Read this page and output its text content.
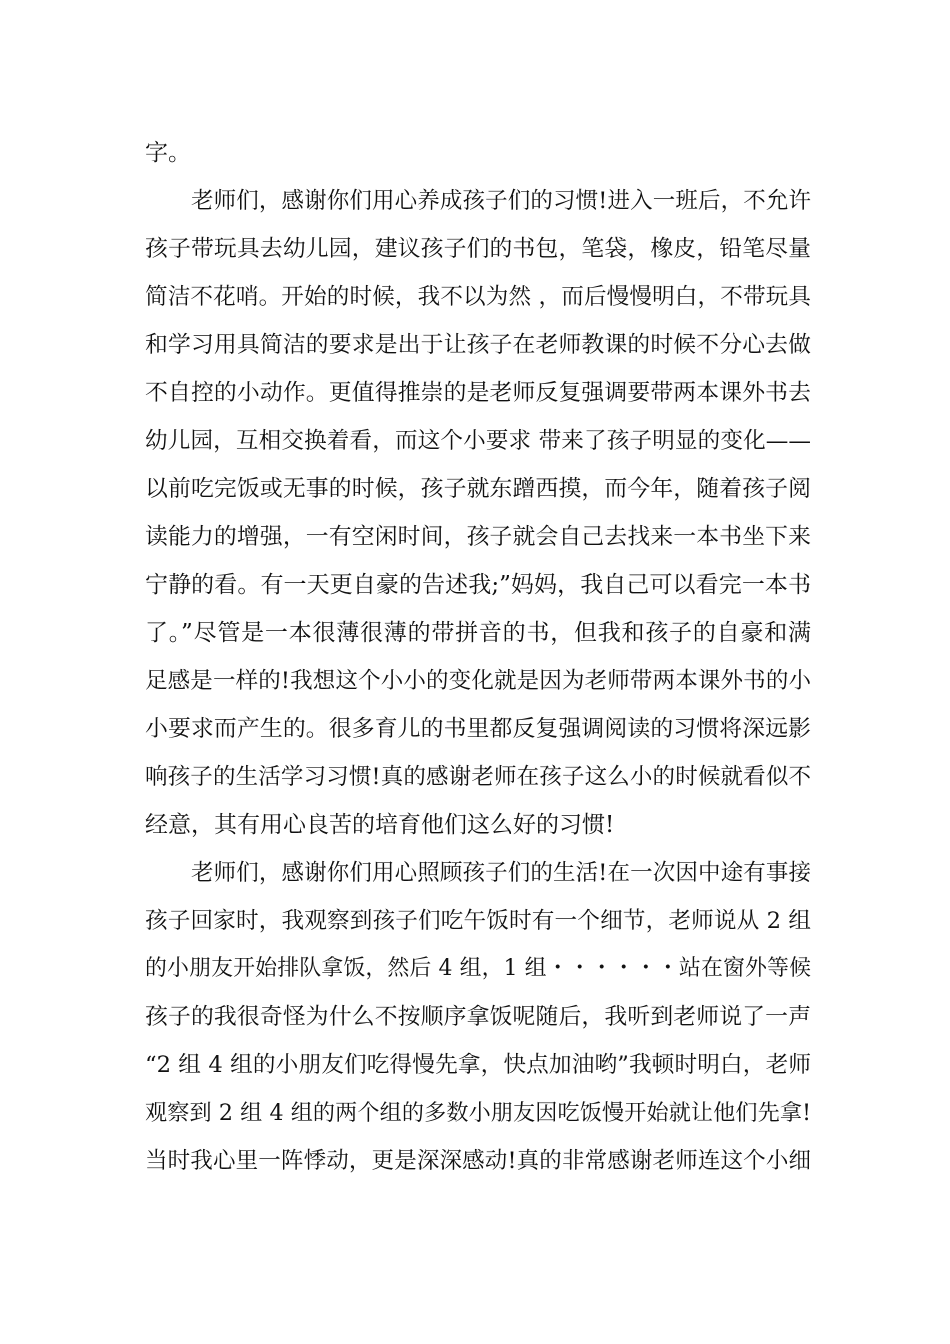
字。
老师们，感谢你们用心养成孩子们的习惯!进入一班后，不允许
孩子带玩具去幼儿园，建议孩子们的书包，笔袋，橡皮，铅笔尽量
简洁不花哨。开始的时候，我不以为然 ，而后慢慢明白，不带玩具
和学习用具简洁的要求是出于让孩子在老师教课的时候不分心去做
不自控的小动作。更值得推崇的是老师反复强调要带两本课外书去
幼儿园，互相交换着看，而这个小要求 带来了孩子明显的变化——
以前吃完饭或无事的时候，孩子就东蹭西摸，而今年，随着孩子阅
读能力的增强，一有空闲时间，孩子就会自己去找来一本书坐下来
宁静的看。有一天更自豪的告述我;”妈妈，我自己可以看完一本书
了。”尽管是一本很薄很薄的带拼音的书，但我和孩子的自豪和满
足感是一样的!我想这个小小的变化就是因为老师带两本课外书的小
小要求而产生的。很多育儿的书里都反复强调阅读的习惯将深远影
响孩子的生活学习习惯!真的感谢老师在孩子这么小的时候就看似不
经意，其有用心良苦的培育他们这么好的习惯!
老师们，感谢你们用心照顾孩子们的生活!在一次因中途有事接
孩子回家时，我观察到孩子们吃午饭时有一个细节，老师说从 2 组
的小朋友开始排队拿饭，然后 4 组，1 组・・・・・・站在窗外等候
孩子的我很奇怪为什么不按顺序拿饭呢随后，我听到老师说了一声
“2 组 4 组的小朋友们吃得慢先拿，快点加油哟”我顿时明白，老师
观察到 2 组 4 组的两个组的多数小朋友因吃饭慢开始就让他们先拿!
当时我心里一阵悸动，更是深深感动!真的非常感谢老师连这个小细
